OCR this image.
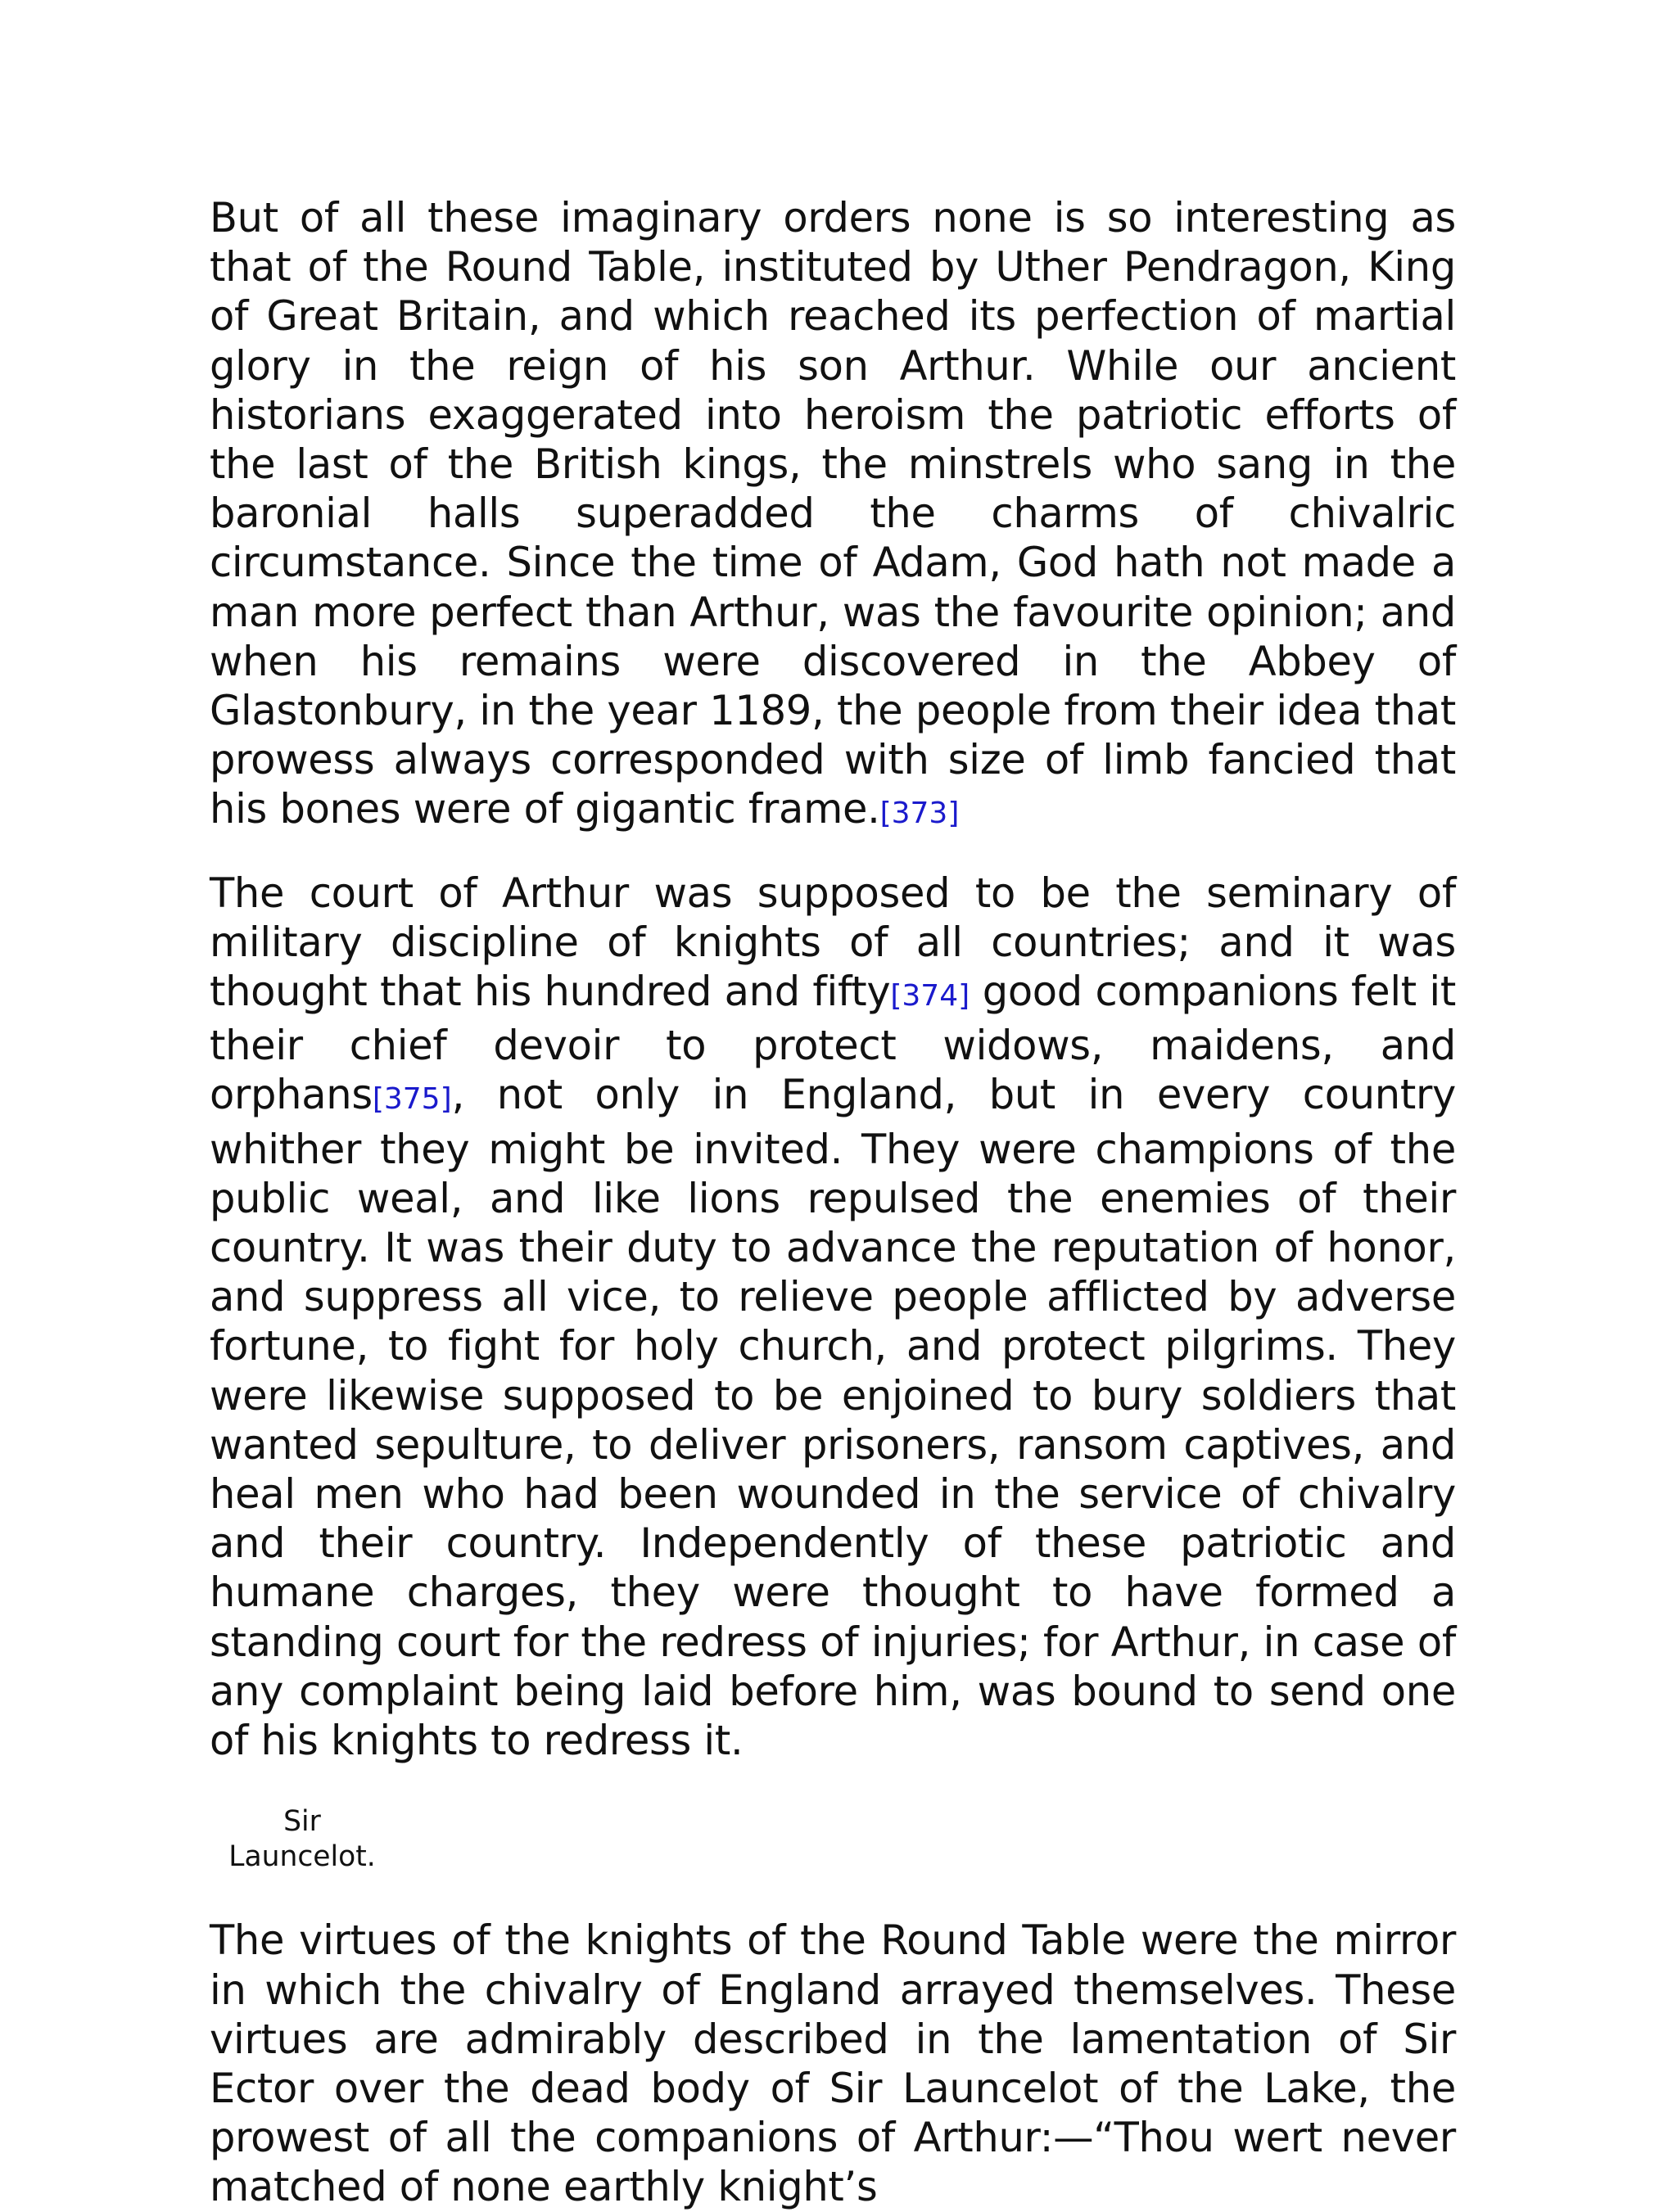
But of all these imaginary orders none is so interesting as that of the Round Table, instituted by Uther Pendragon, King of Great Britain, and which reached its perfection of martial glory in the reign of his son Arthur. While our ancient historians exaggerated into heroism the patriotic efforts of the last of the British kings, the minstrels who sang in the baronial halls superadded the charms of chivalric circumstance. Since the time of Adam, God hath not made a man more perfect than Arthur, was the favourite opinion; and when his remains were discovered in the Abbey of Glastonbury, in the year 1189, the people from their idea that prowess always corresponded with size of limb fancied that his bones were of gigantic frame.[373]

The court of Arthur was supposed to be the seminary of military discipline of knights of all countries; and it was thought that his hundred and fifty[374] good companions felt it their chief devoir to protect widows, maidens, and orphans[375], not only in England, but in every country whither they might be invited. They were champions of the public weal, and like lions repulsed the enemies of their country. It was their duty to advance the reputation of honor, and suppress all vice, to relieve people afflicted by adverse fortune, to fight for holy church, and protect pilgrims. They were likewise supposed to be enjoined to bury soldiers that wanted sepulture, to deliver prisoners, ransom captives, and heal men who had been wounded in the service of chivalry and their country. Independently of these patriotic and humane charges, they were thought to have formed a standing court for the redress of injuries; for Arthur, in case of any complaint being laid before him, was bound to send one of his knights to redress it.

Sir
Launcelot.

The virtues of the knights of the Round Table were the mirror in which the chivalry of England arrayed themselves. These virtues are admirably described in the lamentation of Sir Ector over the dead body of Sir Launcelot of the Lake, the prowest of all the companions of Arthur:—“Thou wert never matched of none earthly knight’s
